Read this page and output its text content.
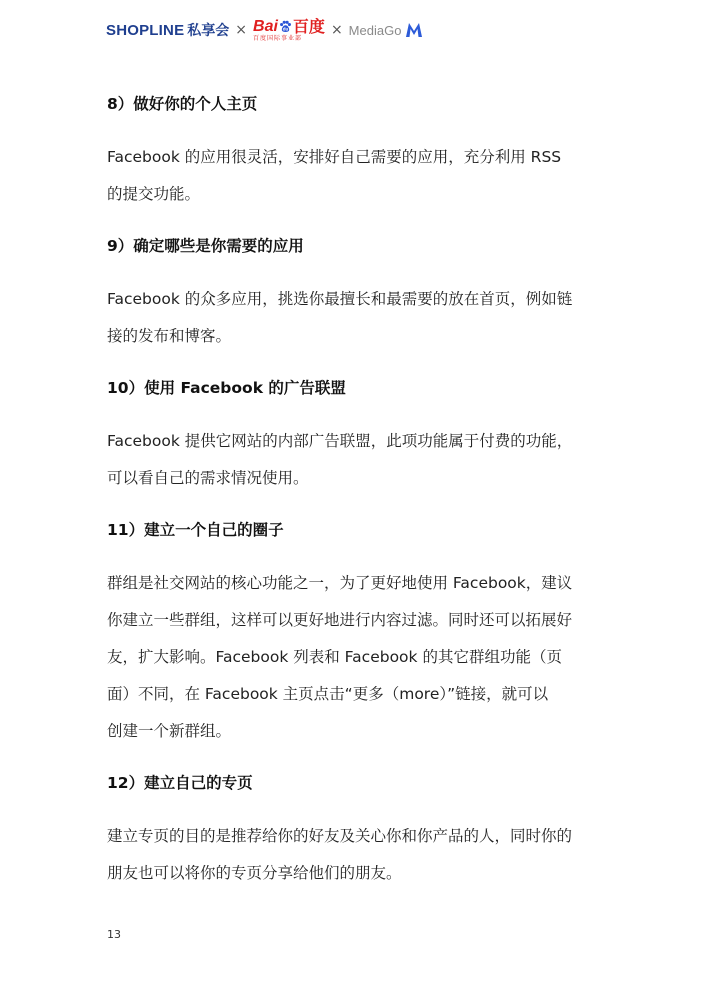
SHOPLINE 私享会 × Bai du 百度
百度国际事业部	× MediaGo
8）做好你的个人主页

Facebook 的应用很灵活，安排好自己需要的应用，充分利用 RSS

的提交功能。

9）确定哪些是你需要的应用

Facebook 的众多应用，挑选你最擅长和最需要的放在首页，例如链

接的发布和博客。

10）使用 Facebook 的广告联盟

Facebook 提供它网站的内部广告联盟，此项功能属于付费的功能，

可以看自己的需求情况使用。

11）建立一个自己的圈子

群组是社交网站的核心功能之一，为了更好地使用 Facebook，建议

你建立一些群组，这样可以更好地进行内容过滤。同时还可以拓展好

友，扩大影响。Facebook 列表和 Facebook 的其它群组功能（页

面）不同，在 Facebook 主页点击“更多（more）”链接，就可以

创建一个新群组。

12）建立自己的专页

建立专页的目的是推荐给你的好友及关心你和你产品的人，同时你的

朋友也可以将你的专页分享给他们的朋友。

13
